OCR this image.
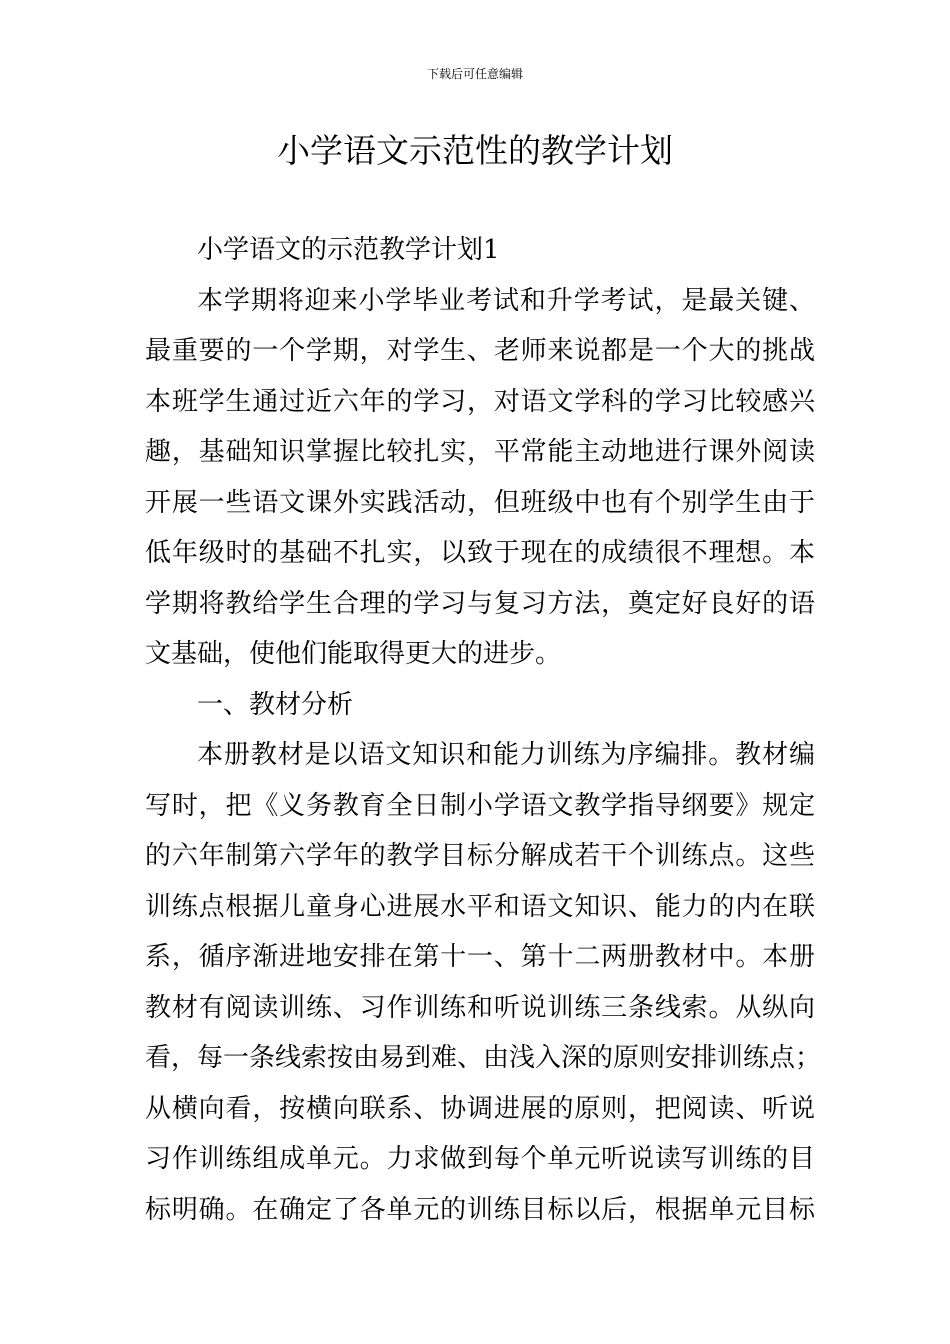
下载后可任意编辑
小学语文示范性的教学计划
小学语文的示范教学计划1
本学期将迎来小学毕业考试和升学考试，是最关键、
最重要的一个学期，对学生、老师来说都是一个大的挑战
本班学生通过近六年的学习，对语文学科的学习比较感兴
趣，基础知识掌握比较扎实，平常能主动地进行课外阅读
开展一些语文课外实践活动，但班级中也有个别学生由于
低年级时的基础不扎实，以致于现在的成绩很不理想。本
学期将教给学生合理的学习与复习方法，奠定好良好的语
文基础，使他们能取得更大的进步。
一、教材分析
本册教材是以语文知识和能力训练为序编排。教材编
写时，把《义务教育全日制小学语文教学指导纲要》规定
的六年制第六学年的教学目标分解成若干个训练点。这些
训练点根据儿童身心进展水平和语文知识、能力的内在联
系，循序渐进地安排在第十一、第十二两册教材中。本册
教材有阅读训练、习作训练和听说训练三条线索。从纵向
看，每一条线索按由易到难、由浅入深的原则安排训练点；
从横向看，按横向联系、协调进展的原则，把阅读、听说
习作训练组成单元。力求做到每个单元听说读写训练的目
标明确。在确定了各单元的训练目标以后，根据单元目标
